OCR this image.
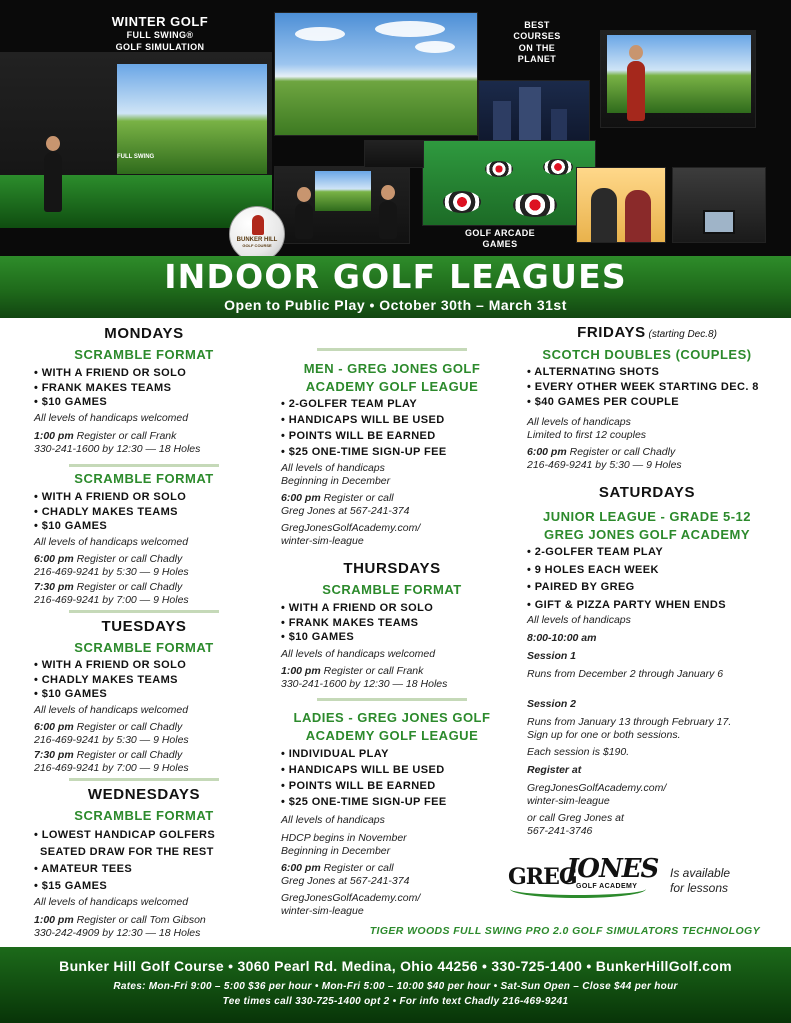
FULL SWING
WINTER GOLF
FULL SWING®
GOLF SIMULATION
BEST
COURSES
ON THE
PLANET
GOLF ARCADE
GAMES
BUNKER HILL
GOLF COURSE
INDOOR GOLF LEAGUES
Open to Public Play • October 30th – March 31st
MONDAYS
SCRAMBLE FORMAT
• WITH A FRIEND OR SOLO
• FRANK MAKES TEAMS
• $10 GAMES
All levels of handicaps welcomed
1:00 pm Register or call Frank
330-241-1600 by 12:30 — 18 Holes
SCRAMBLE FORMAT
• WITH A FRIEND OR SOLO
• CHADLY MAKES TEAMS
• $10 GAMES
All levels of handicaps welcomed
6:00 pm Register or call Chadly
216-469-9241 by 5:30 — 9 Holes
7:30 pm Register or call Chadly
216-469-9241 by 7:00 — 9 Holes
TUESDAYS
SCRAMBLE FORMAT
• WITH A FRIEND OR SOLO
• CHADLY MAKES TEAMS
• $10 GAMES
All levels of handicaps welcomed
6:00 pm Register or call Chadly
216-469-9241 by 5:30 — 9 Holes
7:30 pm Register or call Chadly
216-469-9241 by 7:00 — 9 Holes
WEDNESDAYS
SCRAMBLE FORMAT
• LOWEST HANDICAP GOLFERS
SEATED DRAW FOR THE REST
• AMATEUR TEES
• $15 GAMES
All levels of handicaps welcomed
1:00 pm Register or call Tom Gibson
330-242-4909 by 12:30 — 18 Holes
MEN - GREG JONES GOLF
ACADEMY GOLF LEAGUE
• 2-GOLFER TEAM PLAY
• HANDICAPS WILL BE USED
• POINTS WILL BE EARNED
• $25 ONE-TIME SIGN-UP FEE
All levels of handicaps
Beginning in December
6:00 pm Register or call
Greg Jones at 567-241-374
GregJonesGolfAcademy.com/
winter-sim-league
THURSDAYS
SCRAMBLE FORMAT
• WITH A FRIEND OR SOLO
• FRANK MAKES TEAMS
• $10 GAMES
All levels of handicaps welcomed
1:00 pm Register or call Frank
330-241-1600 by 12:30 — 18 Holes
LADIES - GREG JONES GOLF
ACADEMY GOLF LEAGUE
• INDIVIDUAL PLAY
• HANDICAPS WILL BE USED
• POINTS WILL BE EARNED
• $25 ONE-TIME SIGN-UP FEE
All levels of handicaps
HDCP begins in November
Beginning in December
6:00 pm Register or call
Greg Jones at 567-241-374
GregJonesGolfAcademy.com/
winter-sim-league
FRIDAYS (starting Dec.8)
SCOTCH DOUBLES (COUPLES)
• ALTERNATING SHOTS
• EVERY OTHER WEEK STARTING DEC. 8
• $40 GAMES PER COUPLE
All levels of handicaps
Limited to first 12 couples
6:00 pm Register or call Chadly
216-469-9241 by 5:30 — 9 Holes
SATURDAYS
JUNIOR LEAGUE - GRADE 5-12
GREG JONES GOLF ACADEMY
• 2-GOLFER TEAM PLAY
• 9 HOLES EACH WEEK
• PAIRED BY GREG
• GIFT & PIZZA PARTY WHEN ENDS
All levels of handicaps
8:00-10:00 am
Session 1
Runs from December 2 through January 6
Session 2
Runs from January 13 through February 17.
Sign up for one or both sessions.
Each session is $190.
Register at
GregJonesGolfAcademy.com/
winter-sim-league
or call Greg Jones at
567-241-3746
GREG
JONES
GOLF ACADEMY
Is available
for lessons
TIGER WOODS FULL SWING PRO 2.0 GOLF SIMULATORS TECHNOLOGY
Bunker Hill Golf Course • 3060 Pearl Rd. Medina, Ohio 44256 • 330-725-1400 • BunkerHillGolf.com
Rates: Mon-Fri 9:00 – 5:00 $36 per hour • Mon-Fri 5:00 – 10:00 $40 per hour • Sat-Sun Open – Close $44 per hour
Tee times call 330-725-1400 opt 2 • For info text Chadly 216-469-9241
